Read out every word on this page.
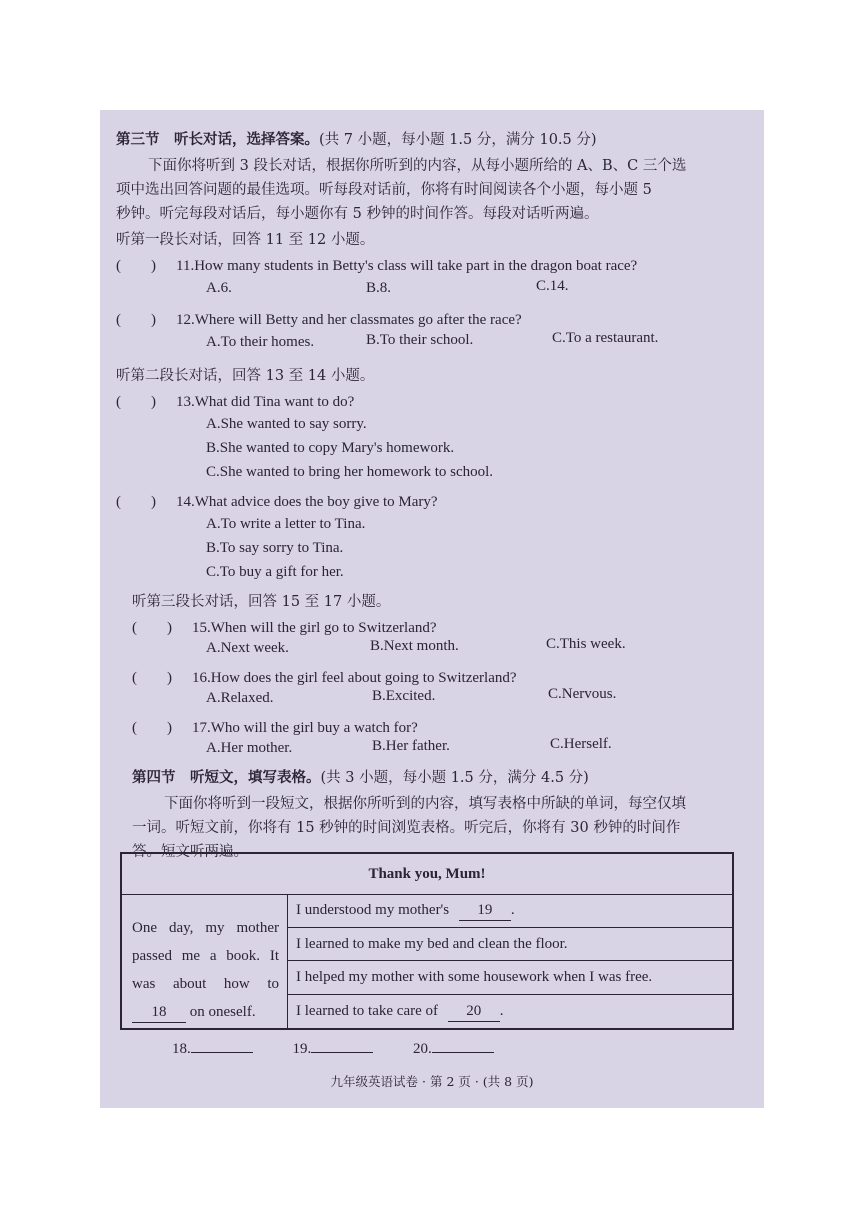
第三节　听长对话，选择答案。(共 7 小题，每小题 1.5 分，满分 10.5 分)
下面你将听到 3 段长对话，根据你所听到的内容，从每小题所给的 A、B、C 三个选
项中选出回答问题的最佳选项。听每段对话前，你将有时间阅读各个小题，每小题 5
秒钟。听完每段对话后，每小题你有 5 秒钟的时间作答。每段对话听两遍。
听第一段长对话，回答 11 至 12 小题。
(　　) 11.How many students in Betty's class will take part in the dragon boat race?
A.6.	B.8.	C.14.
(　　) 12.Where will Betty and her classmates go after the race?
A.To their homes.	B.To their school.	C.To a restaurant.
听第二段长对话，回答 13 至 14 小题。
(　　) 13.What did Tina want to do?
A.She wanted to say sorry.
B.She wanted to copy Mary's homework.
C.She wanted to bring her homework to school.
(　　) 14.What advice does the boy give to Mary?
A.To write a letter to Tina.
B.To say sorry to Tina.
C.To buy a gift for her.
听第三段长对话，回答 15 至 17 小题。
(　　) 15.When will the girl go to Switzerland?
A.Next week.	B.Next month.	C.This week.
(　　) 16.How does the girl feel about going to Switzerland?
A.Relaxed.	B.Excited.	C.Nervous.
(　　) 17.Who will the girl buy a watch for?
A.Her mother.	B.Her father.	C.Herself.
第四节　听短文，填写表格。(共 3 小题，每小题 1.5 分，满分 4.5 分)
下面你将听到一段短文，根据你所听到的内容，填写表格中所缺的单词，每空仅填
一词。听短文前，你将有 15 秒钟的时间浏览表格。听完后，你将有 30 秒钟的时间作
答。短文听两遍。
Thank you, Mum!
One day, my mother passed me a book. It was about how to 18 on oneself.
I understood my mother's 19 .
I learned to make my bed and clean the floor.
I helped my mother with some housework when I was free.
I learned to take care of 20 .
18.	19.	20.
九年级英语试卷 · 第 2 页 · (共 8 页)
